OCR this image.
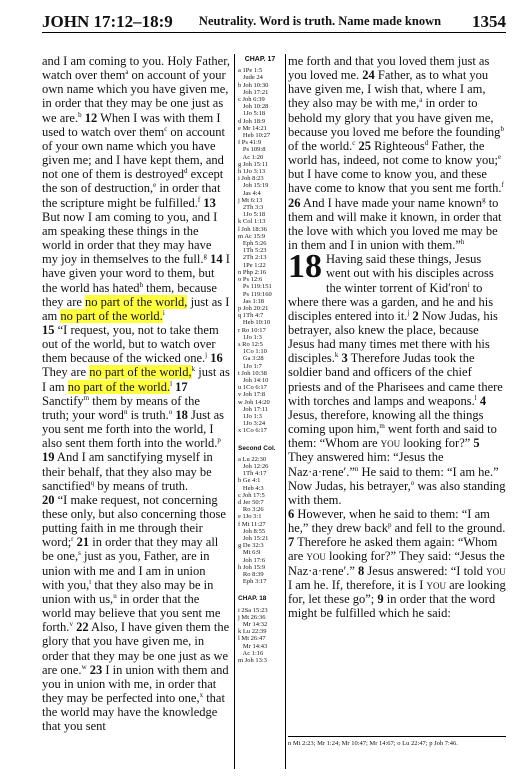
JOHN 17:12–18:9	Neutrality. Word is truth. Name made known	1354

and I am coming to you. Holy Father, watch over them$^a$ on account of your own name which you have given me, in order that they may be one just as we are.$^b$ 12 When I was with them I used to watch over them$^c$ on account of your own name which you have given me; and I have kept them, and not one of them is destroyed$^d$ except the son of destruction,$^e$ in order that the scripture might be fulfilled.$^f$ 13 But now I am coming to you, and I am speaking these things in the world in order that they may have my joy in themselves to the full.$^g$ 14 I have given your word to them, but the world has hated$^h$ them, because they are no part of the world, just as I am no part of the world.$^i$

15 “I request, you, not to take them out of the world, but to watch over them because of the wicked one.$^j$ 16 They are no part of the world,$^k$ just as I am no part of the world.$^l$ 17 Sanctify$^m$ them by means of the truth; your word$^n$ is truth.$^o$ 18 Just as you sent me forth into the world, I also sent them forth into the world.$^p$ 19 And I am sanctifying myself in their behalf, that they also may be sanctified$^q$ by means of truth.

20 “I make request, not concerning these only, but also concerning those putting faith in me through their word;$^r$ 21 in order that they may all be one,$^s$ just as you, Father, are in union with me and I am in union with you,$^t$ that they also may be in union with us,$^u$ in order that the world may believe that you sent me forth.$^v$ 22 Also, I have given them the glory that you have given me, in order that they may be one just as we are one.$^w$ 23 I in union with them and you in union with me, in order that they may be perfected into one,$^x$ that the world may have the knowledge that you sent

CHAP. 17
a 1Pe 1:5
Jude 24
b Joh 10:30
Joh 17:21
c Joh 6:39
Joh 10:28
1Jo 5:18
d Joh 18:9
e Mr 14:21
Heb 10:27
f Ps 41:9
Ps 109:8
Ac 1:20
g Joh 15:11
h 1Jo 3:13
i Joh 8:23
Joh 15:19
Jas 4:4
j Mt 6:13
2Th 3:3
1Jo 5:18
k Col 1:13
l Joh 18:36
m Ac 15:9
Eph 5:26
1Th 5:23
2Th 2:13
1Pe 1:22
n Php 2:16
o Ps 12:6
Ps 119:151
Ps 119:160
Jas 1:18
p Joh 20:21
q 1Th 4:7
Heb 10:10
r Ro 10:17
1Jo 1:3
s Ro 12:5
1Co 1:10
Ga 3:28
1Jo 1:7
t Joh 10:38
Joh 14:10
u 1Co 6:17
v Joh 17:8
w Joh 14:20
Joh 17:11
1Jo 1:3
1Jo 3:24
x 1Co 6:17
Second Col.
a Lu 22:30
Joh 12:26
1Th 4:17
b Ge 4:1
Heb 4:3
c Joh 17:5
d Jer 50:7
Ro 3:26
e 1Jo 3:1
f Mt 11:27
Joh 8:55
Joh 15:21
g De 32:3
Mt 6:9
Joh 17:6
h Joh 15:9
Ro 8:39
Eph 3:17
CHAP. 18
i 2Sa 15:23
j Mt 26:36
Mr 14:32
k Lu 22:39
l Mt 26:47
Mr 14:43
Ac 1:16
m Joh 13:3

me forth and that you loved them just as you loved me. 24 Father, as to what you have given me, I wish that, where I am, they also may be with me,$^a$ in order to behold my glory that you have given me, because you loved me before the founding$^b$ of the world.$^c$ 25 Righteous$^d$ Father, the world has, indeed, not come to know you;$^e$ but I have come to know you, and these have come to know that you sent me forth.$^f$ 26 And I have made your name known$^g$ to them and will make it known, in order that the love with which you loved me may be in them and I in union with them.”$^h$

18 Having said these things, Jesus went out with his disciples across the winter torrent of Kid′ron$^i$ to where there was a garden, and he and his disciples entered into it.$^j$ 2 Now Judas, his betrayer, also knew the place, because Jesus had many times met there with his disciples.$^k$ 3 Therefore Judas took the soldier band and officers of the chief priests and of the Pharisees and came there with torches and lamps and weapons.$^l$ 4 Jesus, therefore, knowing all the things coming upon him,$^m$ went forth and said to them: “Whom are you looking for?” 5 They answered him: “Jesus the Naz·a·rene′.”$^n$ He said to them: “I am he.” Now Judas, his betrayer,$^o$ was also standing with them.

6 However, when he said to them: “I am he,” they drew back$^p$ and fell to the ground. 7 Therefore he asked them again: “Whom are you looking for?” They said: “Jesus the Naz·a·rene′.” 8 Jesus answered: “I told you I am he. If, therefore, it is I you are looking for, let these go”; 9 in order that the word might be fulfilled which he said:

n Mt 2:23; Mr 1:24; Mr 10:47; Mr 14:67; o Lu 22:47; p Joh 7:46.
